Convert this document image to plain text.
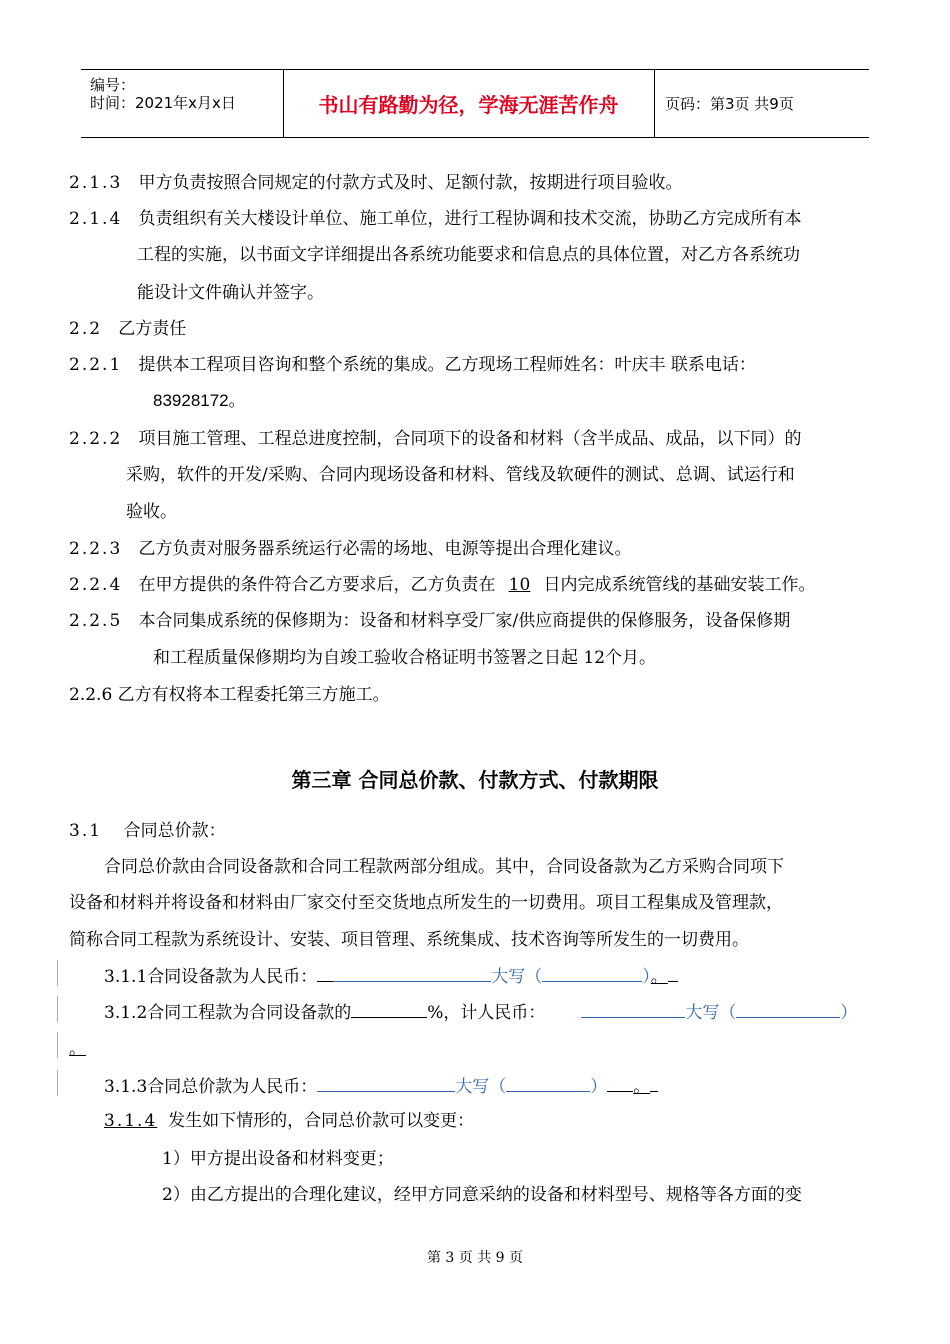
编号：
时间：2021年x月x日	书山有路勤为径，学海无涯苦作舟	页码：第3页 共9页
2.1.3 甲方负责按照合同规定的付款方式及时、足额付款，按期进行项目验收。
2.1.4 负责组织有关大楼设计单位、施工单位，进行工程协调和技术交流，协助乙方完成所有本
工程的实施，以书面文字详细提出各系统功能要求和信息点的具体位置，对乙方各系统功
能设计文件确认并签字。
2.2 乙方责任
2.2.1 提供本工程项目咨询和整个系统的集成。乙方现场工程师姓名：叶庆丰 联系电话：
83928172。
2.2.2 项目施工管理、工程总进度控制，合同项下的设备和材料（含半成品、成品，以下同）的
采购，软件的开发/采购、合同内现场设备和材料、管线及软硬件的测试、总调、试运行和
验收。
2.2.3 乙方负责对服务器系统运行必需的场地、电源等提出合理化建议。
2.2.4 在甲方提供的条件符合乙方要求后，乙方负责在 10 日内完成系统管线的基础安装工作。
2.2.5 本合同集成系统的保修期为：设备和材料享受厂家/供应商提供的保修服务，设备保修期
和工程质量保修期均为自竣工验收合格证明书签署之日起 12个月。
2.2.6 乙方有权将本工程委托第三方施工。
第三章 合同总价款、付款方式、付款期限
3.1 合同总价款：
合同总价款由合同设备款和合同工程款两部分组成。其中，合同设备款为乙方采购合同项下
设备和材料并将设备和材料由厂家交付至交货地点所发生的一切费用。项目工程集成及管理款，
简称合同工程款为系统设计、安装、项目管理、系统集成、技术咨询等所发生的一切费用。
3.1.1合同设备款为人民币：	大写（	）。
3.1.2合同工程款为合同设备款的	%，计人民币：	大写（	）
。
3.1.3合同总价款为人民币：	大写（	） 。
3.1.4 发生如下情形的，合同总价款可以变更：
1）甲方提出设备和材料变更；
2）由乙方提出的合理化建议，经甲方同意采纳的设备和材料型号、规格等各方面的变
第 3 页 共 9 页
